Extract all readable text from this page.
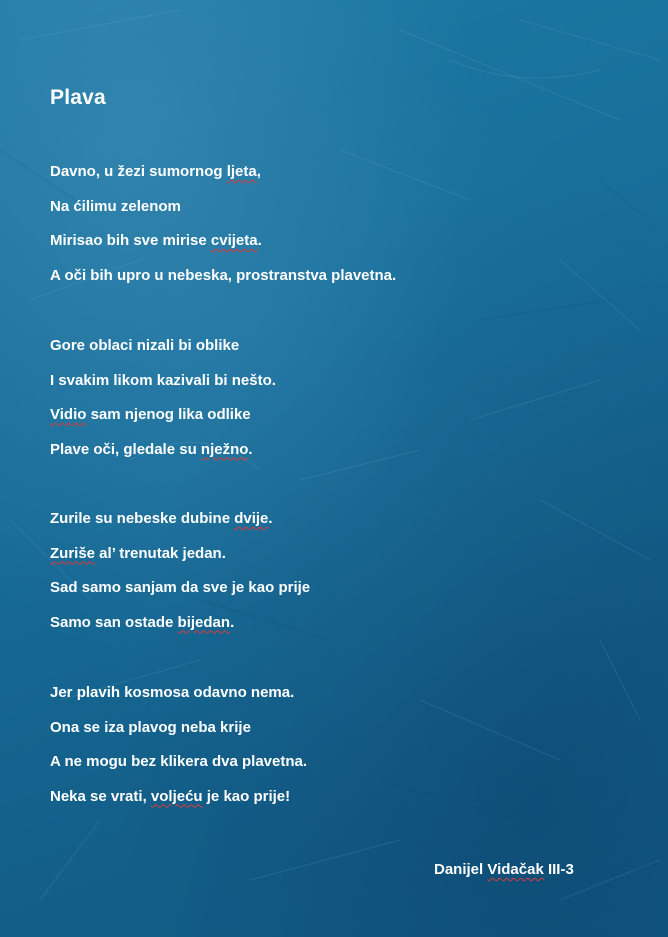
Plava
Davno, u žezi sumornog ljeta,
Na ćilimu zelenom
Mirisao bih sve mirise cvijeta.
A oči bih upro u nebeska, prostranstva plavetna.
Gore oblaci nizali bi oblike
I svakim likom kazivali bi nešto.
Vidio sam njenog lika odlike
Plave oči, gledale su nježno.
Zurile su nebeske dubine dvije.
Zuriše al’ trenutak jedan.
Sad samo sanjam da sve je kao prije
Samo san ostade bijedan.
Jer plavih kosmosa odavno nema.
Ona se iza plavog neba krije
A ne mogu bez klikera dva plavetna.
Neka se vrati, volјeću je kao prije!
Danijel Vidačak III-3
